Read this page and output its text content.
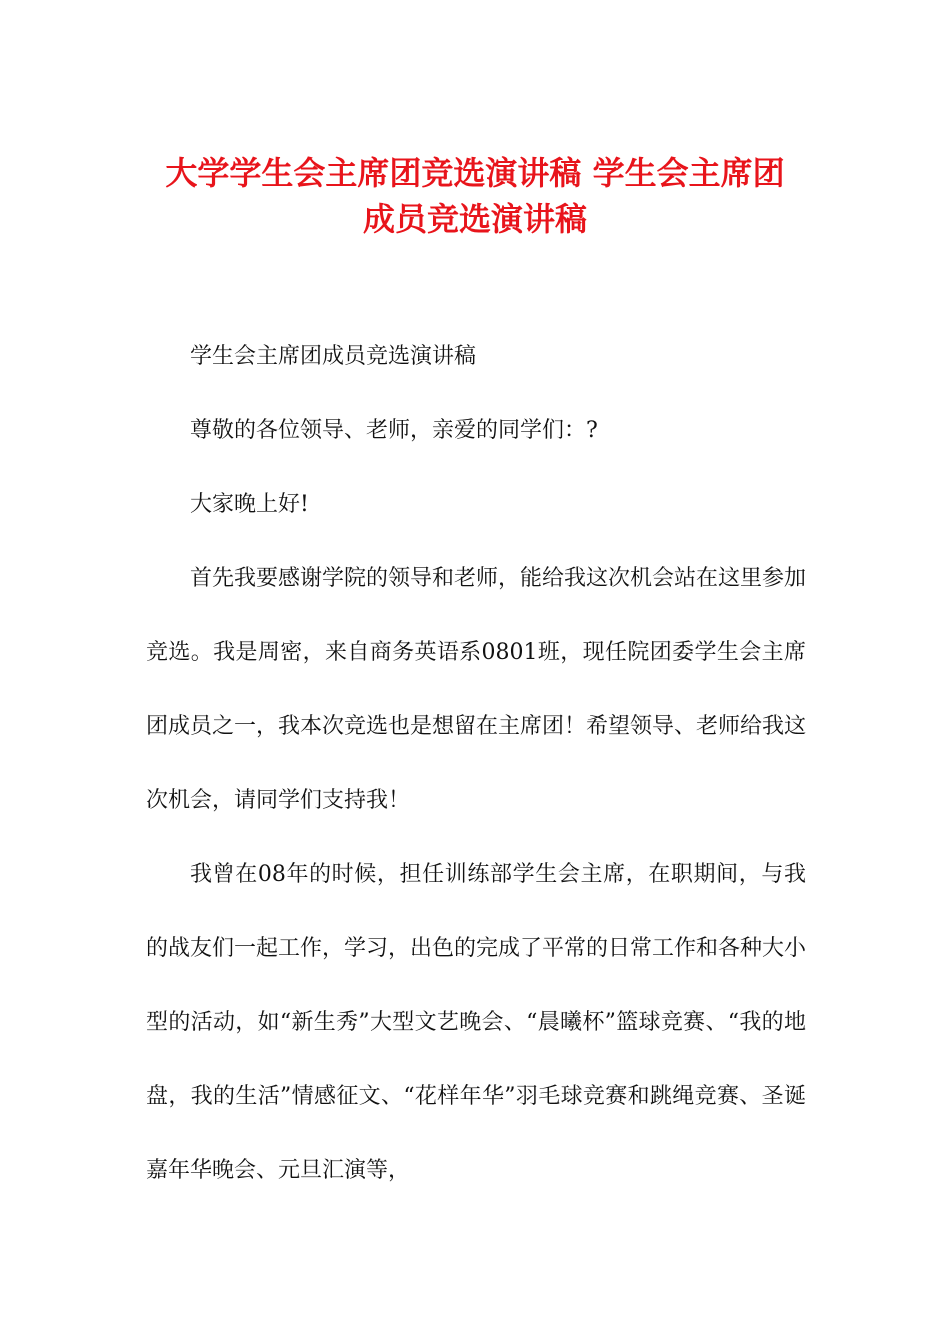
大学学生会主席团竞选演讲稿 学生会主席团
成员竞选演讲稿

学生会主席团成员竞选演讲稿

尊敬的各位领导、老师，亲爱的同学们：?

大家晚上好!

首先我要感谢学院的领导和老师，能给我这次机会站在这里参加竞选。我是周密，来自商务英语系0801班，现任院团委学生会主席团成员之一，我本次竞选也是想留在主席团！希望领导、老师给我这次机会，请同学们支持我！

我曾在08年的时候，担任训练部学生会主席，在职期间，与我的战友们一起工作，学习，出色的完成了平常的日常工作和各种大小型的活动，如“新生秀”大型文艺晚会、“晨曦杯”篮球竞赛、“我的地盘，我的生活”情感征文、“花样年华”羽毛球竞赛和跳绳竞赛、圣诞嘉年华晚会、元旦汇演等，
